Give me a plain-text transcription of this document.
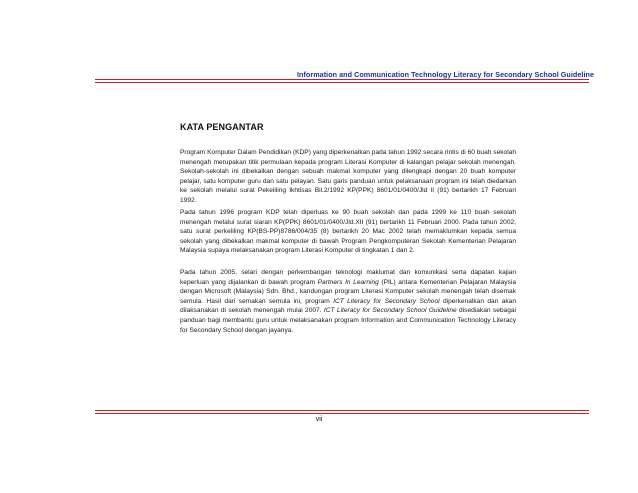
Information and Communication Technology Literacy for Secondary School Guideline
KATA PENGANTAR

Program Komputer Dalam Pendidikan (KDP) yang diperkenalkan pada tahun 1992 secara rintis di 60 buah sekolah menengah merupakan titik permulaan kepada program Literasi Komputer di kalangan pelajar sekolah menengah. Sekolah-sekolah ini dibekalkan dengan sebuah makmal komputer yang dilengkapi dengan 20 buah komputer pelajar, satu komputer guru dan satu pelayan. Satu garis panduan untuk pelaksanaan program ini telah diedarkan ke sekolah melalui surat Pekeliling Ikhtisas Bil.2/1992 KP(PPK) 8601/01/0400/Jld II (91) bertarikh 17 Februari 1992.

Pada tahun 1996 program KDP telah diperluas ke 90 buah sekolah dan pada 1999 ke 110 buah sekolah menengah melalui surat siaran KP(PPK) 8601/01/0400/Jld.XII (91) bertarikh 11 Februari 2000. Pada tahun 2002, satu surat perkeliling KP(BS-PP)8786/004/35 (8) bertarikh 20 Mac 2002 telah memaklumkan kepada semua sekolah yang dibekalkan makmal komputer di bawah Program Pengkomputeran Sekolah Kementerian Pelajaran Malaysia supaya melaksanakan program Literasi Komputer di tingkatan 1 dan 2.

Pada tahun 2005, selari dengan perkembangan teknologi maklumat dan komunikasi serta dapatan kajian keperluan yang dijalankan di bawah program Partners In Learning (PIL) antara Kementerian Pelajaran Malaysia dengan Microsoft (Malaysia) Sdn. Bhd., kandungan program Literasi Komputer sekolah menengah telah disemak semula. Hasil dari semakan semula ini, program ICT Literacy for Secondary School diperkenalkan dan akan dilaksanakan di sekolah menengah mulai 2007. ICT Literacy for Secondary School Guideline disediakan sebagai panduan bagi membantu guru untuk melaksanakan program Information and Communication Technology Literacy for Secondary School dengan jayanya.

vii
